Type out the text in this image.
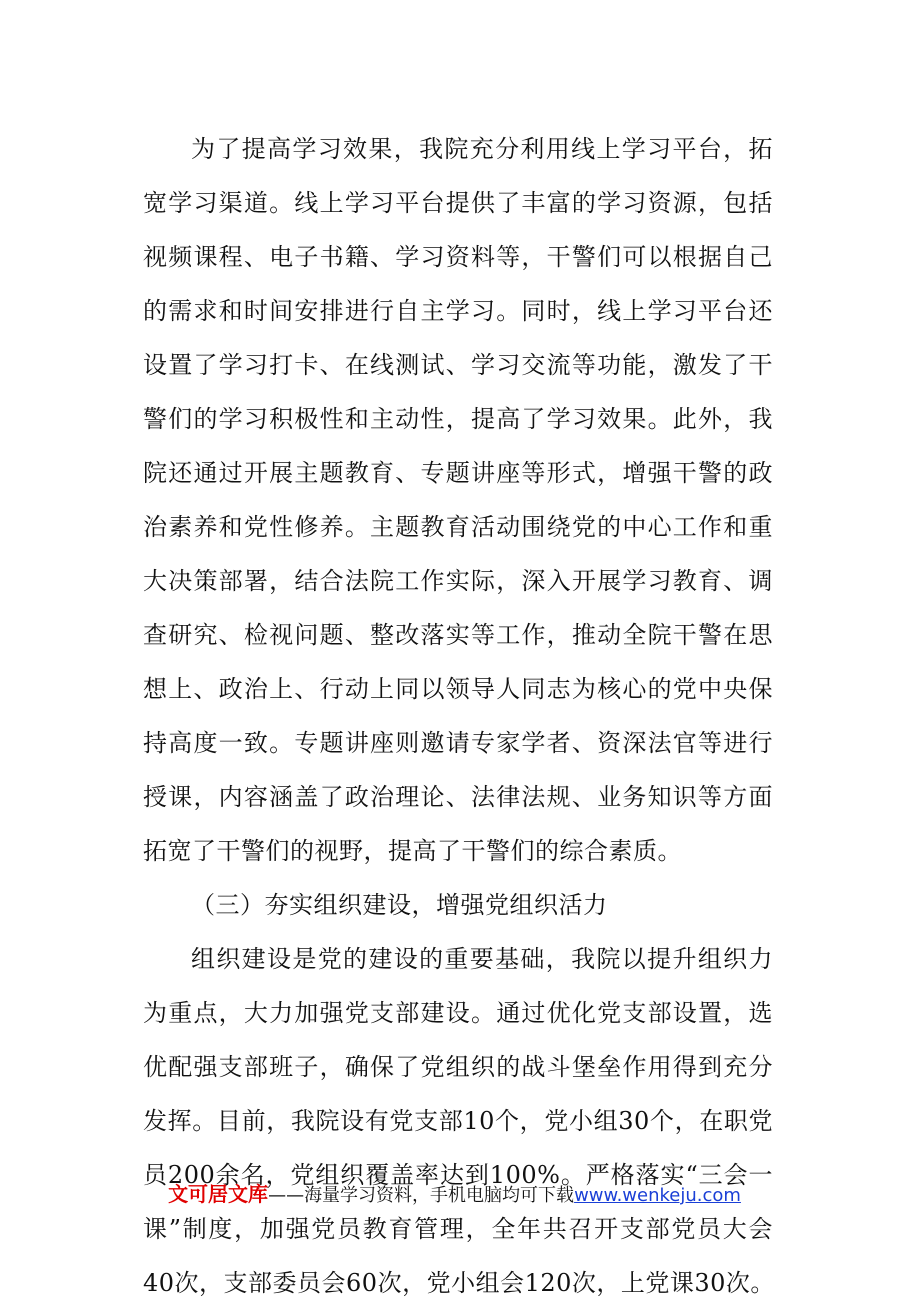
为了提高学习效果，我院充分利用线上学习平台，拓
宽学习渠道。线上学习平台提供了丰富的学习资源，包括
视频课程、电子书籍、学习资料等，干警们可以根据自己
的需求和时间安排进行自主学习。同时，线上学习平台还
设置了学习打卡、在线测试、学习交流等功能，激发了干
警们的学习积极性和主动性，提高了学习效果。此外，我
院还通过开展主题教育、专题讲座等形式，增强干警的政
治素养和党性修养。主题教育活动围绕党的中心工作和重
大决策部署，结合法院工作实际，深入开展学习教育、调
查研究、检视问题、整改落实等工作，推动全院干警在思
想上、政治上、行动上同以领导人同志为核心的党中央保
持高度一致。专题讲座则邀请专家学者、资深法官等进行
授课，内容涵盖了政治理论、法律法规、业务知识等方面
拓宽了干警们的视野，提高了干警们的综合素质。
（三）夯实组织建设，增强党组织活力
组织建设是党的建设的重要基础，我院以提升组织力
为重点，大力加强党支部建设。通过优化党支部设置，选
优配强支部班子，确保了党组织的战斗堡垒作用得到充分
发挥。目前，我院设有党支部10个，党小组30个，在职党
员200余名，党组织覆盖率达到100%。严格落实“三会一
课”制度，加强党员教育管理，全年共召开支部党员大会
40次，支部委员会60次，党小组会120次，上党课30次。
文可居文库——海量学习资料，手机电脑均可下载www.wenkeju.com
